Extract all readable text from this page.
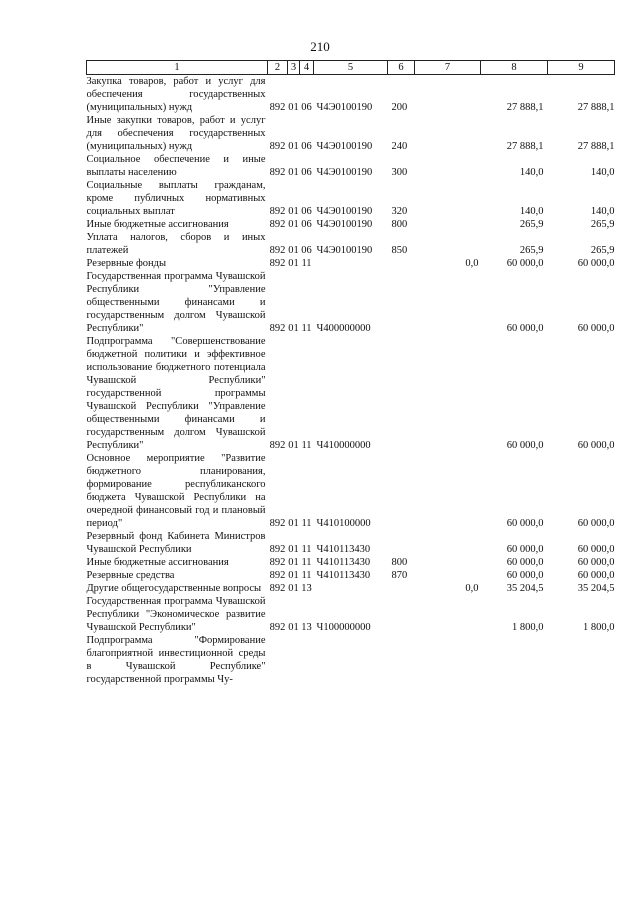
210
1	2	3	4	5	6	7	8	9
Закупка товаров, работ и услуг для обеспечения государственных (муниципальных) нужд	892	01	06	Ч4Э0100190	200		27 888,1	27 888,1
Иные закупки товаров, работ и услуг для обеспечения государственных (муниципальных) нужд	892	01	06	Ч4Э0100190	240		27 888,1	27 888,1
Социальное обеспечение и иные выплаты населению	892	01	06	Ч4Э0100190	300		140,0	140,0
Социальные выплаты гражданам, кроме публичных нормативных социальных выплат	892	01	06	Ч4Э0100190	320		140,0	140,0
Иные бюджетные ассигнования	892	01	06	Ч4Э0100190	800		265,9	265,9
Уплата налогов, сборов и иных платежей	892	01	06	Ч4Э0100190	850		265,9	265,9
Резервные фонды	892	01	11			0,0	60 000,0	60 000,0
Государственная программа Чувашской Республики "Управление общественными финансами и государственным долгом Чувашской Республики"	892	01	11	Ч400000000			60 000,0	60 000,0
Подпрограмма "Совершенствование бюджетной политики и эффективное использование бюджетного потенциала Чувашской Республики" государственной программы Чувашской Республики "Управление общественными финансами и государственным долгом Чувашской Республики"	892	01	11	Ч410000000			60 000,0	60 000,0
Основное мероприятие "Развитие бюджетного планирования, формирование республиканского бюджета Чувашской Республики на очередной финансовый год и плановый период"	892	01	11	Ч410100000			60 000,0	60 000,0
Резервный фонд Кабинета Министров Чувашской Республики	892	01	11	Ч410113430			60 000,0	60 000,0
Иные бюджетные ассигнования	892	01	11	Ч410113430	800		60 000,0	60 000,0
Резервные средства	892	01	11	Ч410113430	870		60 000,0	60 000,0
Другие общегосударственные вопросы	892	01	13			0,0	35 204,5	35 204,5
Государственная программа Чувашской Республики "Экономическое развитие Чувашской Республики"	892	01	13	Ч100000000			1 800,0	1 800,0
Подпрограмма "Формирование благоприятной инвестиционной среды в Чувашской Республике" государственной программы Чу-								
